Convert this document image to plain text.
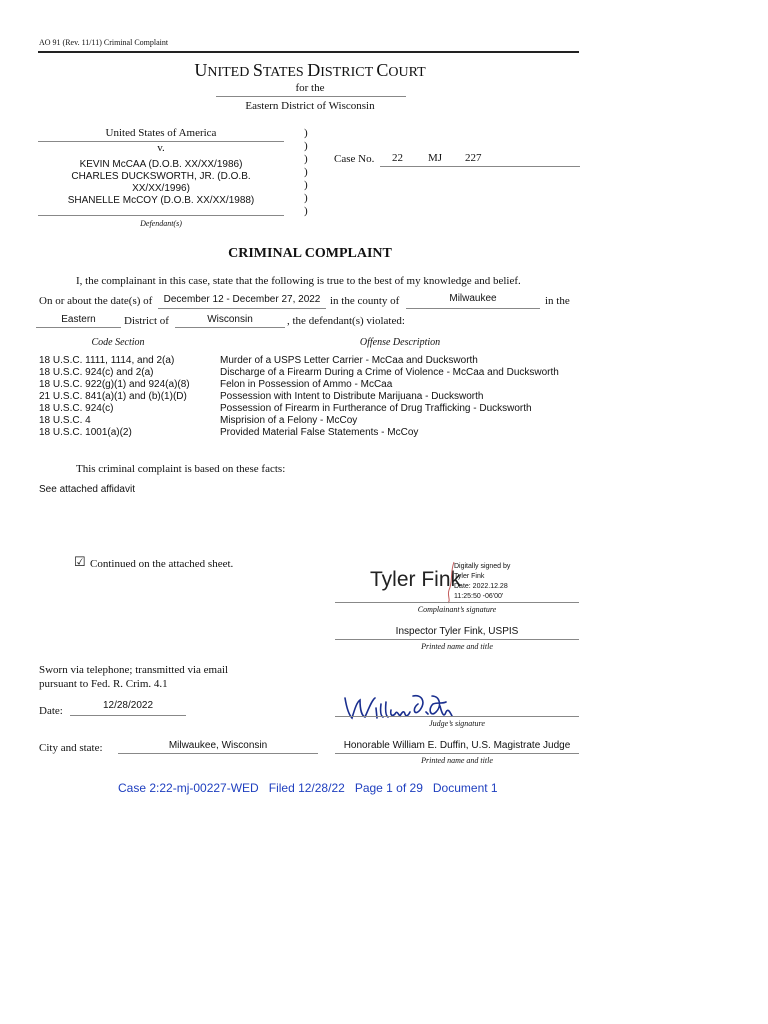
AO 91 (Rev. 11/11) Criminal Complaint
UNITED STATES DISTRICT COURT
for the
Eastern District of Wisconsin
United States of America
v.
KEVIN McCAA (D.O.B. XX/XX/1986)
CHARLES DUCKSWORTH, JR. (D.O.B.
XX/XX/1996)
SHANELLE McCOY (D.O.B. XX/XX/1988)
Defendant(s)
)
)
)
)
)
)
)
Case No. 22 MJ 227
CRIMINAL COMPLAINT
I, the complainant in this case, state that the following is true to the best of my knowledge and belief.
On or about the date(s) of	December 12 - December 27, 2022 in the county of	Milwaukee	in the
Eastern	District of	Wisconsin	, the defendant(s) violated:
Code Section	Offense Description
18 U.S.C. 1111, 1114, and 2(a)	Murder of a USPS Letter Carrier - McCaa and Ducksworth
18 U.S.C. 924(c) and 2(a)	Discharge of a Firearm During a Crime of Violence - McCaa and Ducksworth
18 U.S.C. 922(g)(1) and 924(a)(8)	Felon in Possession of Ammo - McCaa
21 U.S.C. 841(a)(1) and (b)(1)(D)	Possession with Intent to Distribute Marijuana - Ducksworth
18 U.S.C. 924(c)	Possession of Firearm in Furtherance of Drug Trafficking - Ducksworth
18 U.S.C. 4	Misprision of a Felony - McCoy
18 U.S.C. 1001(a)(2)	Provided Material False Statements - McCoy
This criminal complaint is based on these facts:
See attached affidavit
☑ Continued on the attached sheet.
Tyler Fink
Digitally signed by
Tyler Fink
Date: 2022.12.28
11:25:50 -06'00'
Complainant’s signature
Inspector Tyler Fink, USPIS
Printed name and title
Sworn via telephone; transmitted via email
pursuant to Fed. R. Crim. 4.1
Date:	12/28/2022
Judge’s signature
City and state:	Milwaukee, Wisconsin	Honorable William E. Duffin, U.S. Magistrate Judge
Printed name and title
Case 2:22-mj-00227-WED Filed 12/28/22 Page 1 of 29 Document 1
